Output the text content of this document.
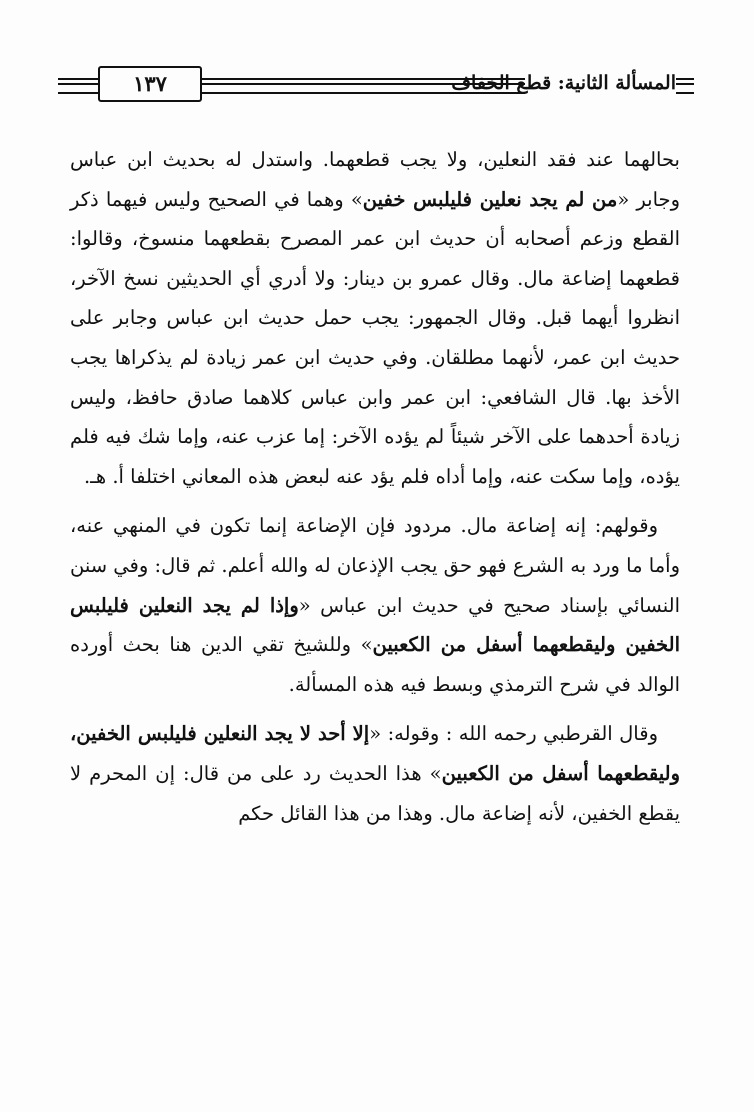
١٣٧	المسألة الثانية: قطع الخفاف

بحالهما عند فقد النعلين، ولا يجب قطعهما. واستدل له بحديث ابن عباس وجابر «من لم يجد نعلين فليلبس خفين» وهما في الصحيح وليس فيهما ذكر القطع وزعم أصحابه أن حديث ابن عمر المصرح بقطعهما منسوخ، وقالوا: قطعهما إضاعة مال. وقال عمرو بن دينار: ولا أدري أي الحديثين نسخ الآخر، انظروا أيهما قبل. وقال الجمهور: يجب حمل حديث ابن عباس وجابر على حديث ابن عمر، لأنهما مطلقان. وفي حديث ابن عمر زيادة لم يذكراها يجب الأخذ بها. قال الشافعي: ابن عمر وابن عباس كلاهما صادق حافظ، وليس زيادة أحدهما على الآخر شيئاً لم يؤده الآخر: إما عزب عنه، وإما شك فيه فلم يؤده، وإما سكت عنه، وإما أداه فلم يؤد عنه لبعض هذه المعاني اختلفا أ. هـ.

وقولهم: إنه إضاعة مال. مردود فإن الإضاعة إنما تكون في المنهي عنه، وأما ما ورد به الشرع فهو حق يجب الإذعان له والله أعلم. ثم قال: وفي سنن النسائي بإسناد صحيح في حديث ابن عباس «وإذا لم يجد النعلين فليلبس الخفين وليقطعهما أسفل من الكعبين» وللشيخ تقي الدين هنا بحث أورده الوالد في شرح الترمذي وبسط فيه هذه المسألة.

وقال القرطبي رحمه الله : وقوله: «إلا أحد لا يجد النعلين فليلبس الخفين، وليقطعهما أسفل من الكعبين» هذا الحديث رد على من قال: إن المحرم لا يقطع الخفين، لأنه إضاعة مال. وهذا من هذا القائل حكم
